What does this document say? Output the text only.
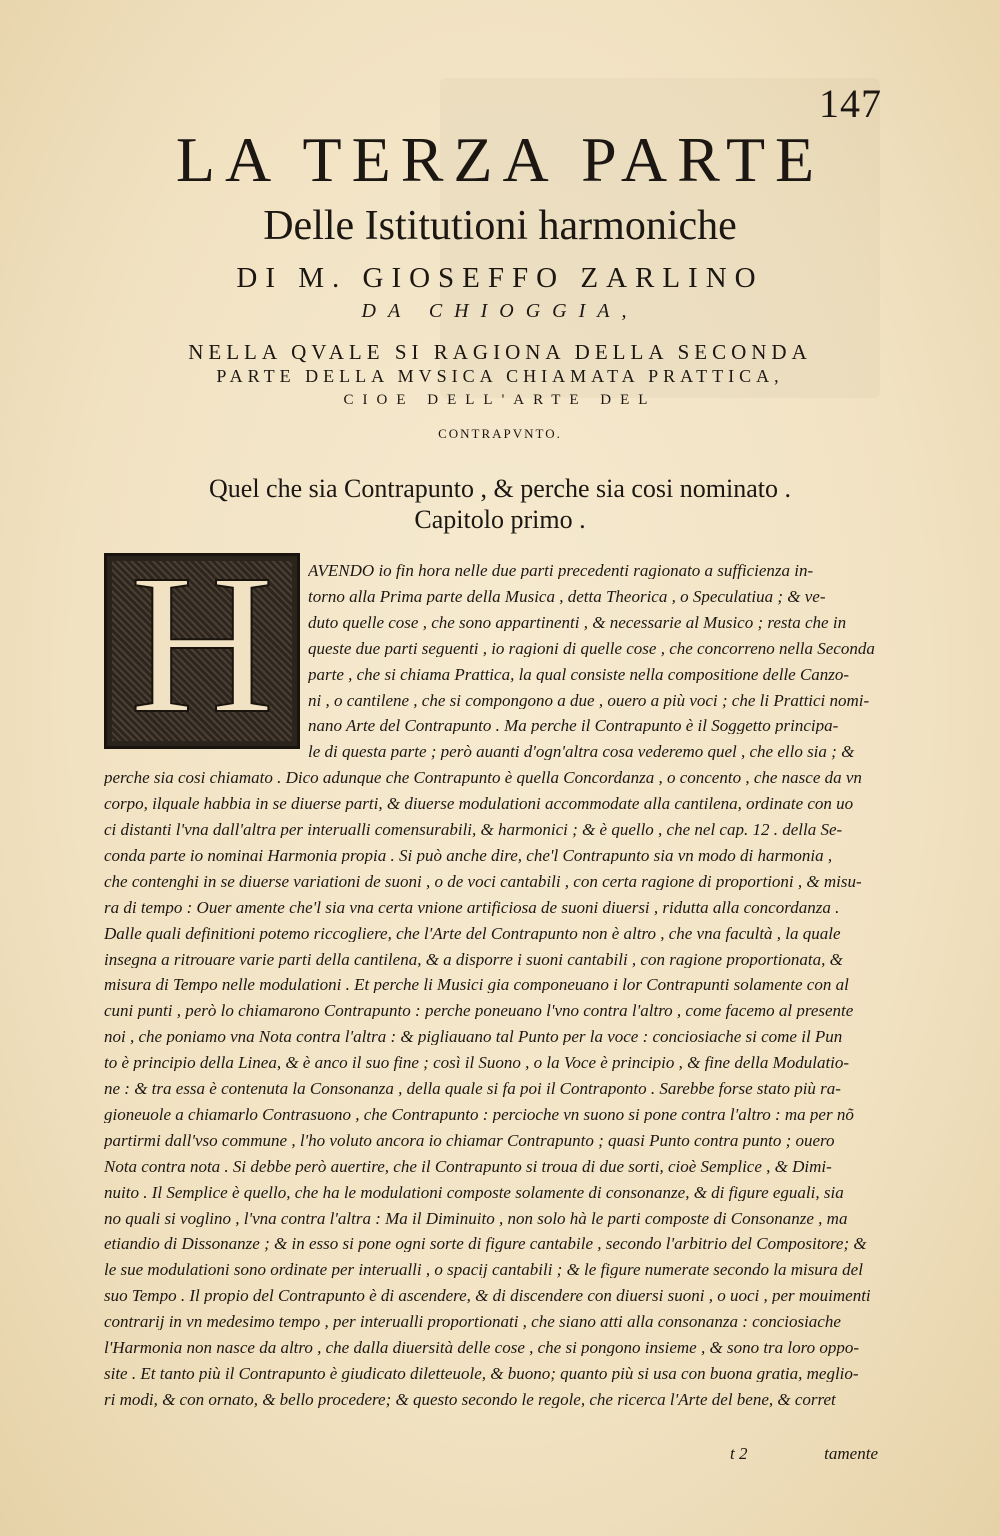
147
LA TERZA PARTE
Delle Istitutioni harmoniche
DI M. GIOSEFFO ZARLINO
DA CHIOGGIA,
NELLA QVALE SI RAGIONA DELLA SECONDA
PARTE DELLA MVSICA CHIAMATA PRATTICA,
CIOE DELL'ARTE DEL
CONTRAPVNTO.
Quel che sia Contrapunto , & perche sia cosi nominato .
Capitolo primo .
H	AVENDO io fin hora nelle due parti precedenti ragionato a sufficienza in-
torno alla Prima parte della Musica , detta Theorica , o Speculatiua ; & ve-
duto quelle cose , che sono appartinenti , & necessarie al Musico ; resta che in
queste due parti seguenti , io ragioni di quelle cose , che concorreno nella Seconda
parte , che si chiama Prattica, la qual consiste nella compositione delle Canzo-
ni , o cantilene , che si compongono a due , ouero a più voci ; che li Prattici nomi-
nano Arte del Contrapunto . Ma perche il Contrapunto è il Soggetto principa-
le di questa parte ; però auanti d'ogn'altra cosa vederemo quel , che ello sia ; &
perche sia cosi chiamato . Dico adunque che Contrapunto è quella Concordanza , o concento , che nasce da vn
corpo, ilquale habbia in se diuerse parti, & diuerse modulationi accommodate alla cantilena, ordinate con uo
ci distanti l'vna dall'altra per interualli comensurabili, & harmonici ; & è quello , che nel cap. 12 . della Se-
conda parte io nominai Harmonia propia . Si può anche dire, che'l Contrapunto sia vn modo di harmonia ,
che contenghi in se diuerse variationi de suoni , o de voci cantabili , con certa ragione di proportioni , & misu-
ra di tempo : Ouer amente che'l sia vna certa vnione artificiosa de suoni diuersi , ridutta alla concordanza .
Dalle quali definitioni potemo riccogliere, che l'Arte del Contrapunto non è altro , che vna facultà , la quale
insegna a ritrouare varie parti della cantilena, & a disporre i suoni cantabili , con ragione proportionata, &
misura di Tempo nelle modulationi . Et perche li Musici gia componeuano i lor Contrapunti solamente con al
cuni punti , però lo chiamarono Contrapunto : perche poneuano l'vno contra l'altro , come facemo al presente
noi , che poniamo vna Nota contra l'altra : & pigliauano tal Punto per la voce : conciosiache si come il Pun
to è principio della Linea, & è anco il suo fine ; così il Suono , o la Voce è principio , & fine della Modulatio-
ne : & tra essa è contenuta la Consonanza , della quale si fa poi il Contraponto . Sarebbe forse stato più ra-
gioneuole a chiamarlo Contrasuono , che Contrapunto : percioche vn suono si pone contra l'altro : ma per nõ
partirmi dall'vso commune , l'ho voluto ancora io chiamar Contrapunto ; quasi Punto contra punto ; ouero
Nota contra nota . Si debbe però auertire, che il Contrapunto si troua di due sorti, cioè Semplice , & Dimi-
nuito . Il Semplice è quello, che ha le modulationi composte solamente di consonanze, & di figure eguali, sia
no quali si voglino , l'vna contra l'altra : Ma il Diminuito , non solo hà le parti composte di Consonanze , ma
etiandio di Dissonanze ; & in esso si pone ogni sorte di figure cantabile , secondo l'arbitrio del Compositore; &
le sue modulationi sono ordinate per interualli , o spacij cantabili ; & le figure numerate secondo la misura del
suo Tempo . Il propio del Contrapunto è di ascendere, & di discendere con diuersi suoni , o uoci , per mouimenti
contrarij in vn medesimo tempo , per interualli proportionati , che siano atti alla consonanza : conciosiache
l'Harmonia non nasce da altro , che dalla diuersità delle cose , che si pongono insieme , & sono tra loro oppo-
site . Et tanto più il Contrapunto è giudicato diletteuole, & buono; quanto più si usa con buona gratia, meglio-
ri modi, & con ornato, & bello procedere; & questo secondo le regole, che ricerca l'Arte del bene, & corret
t 2	tamente
